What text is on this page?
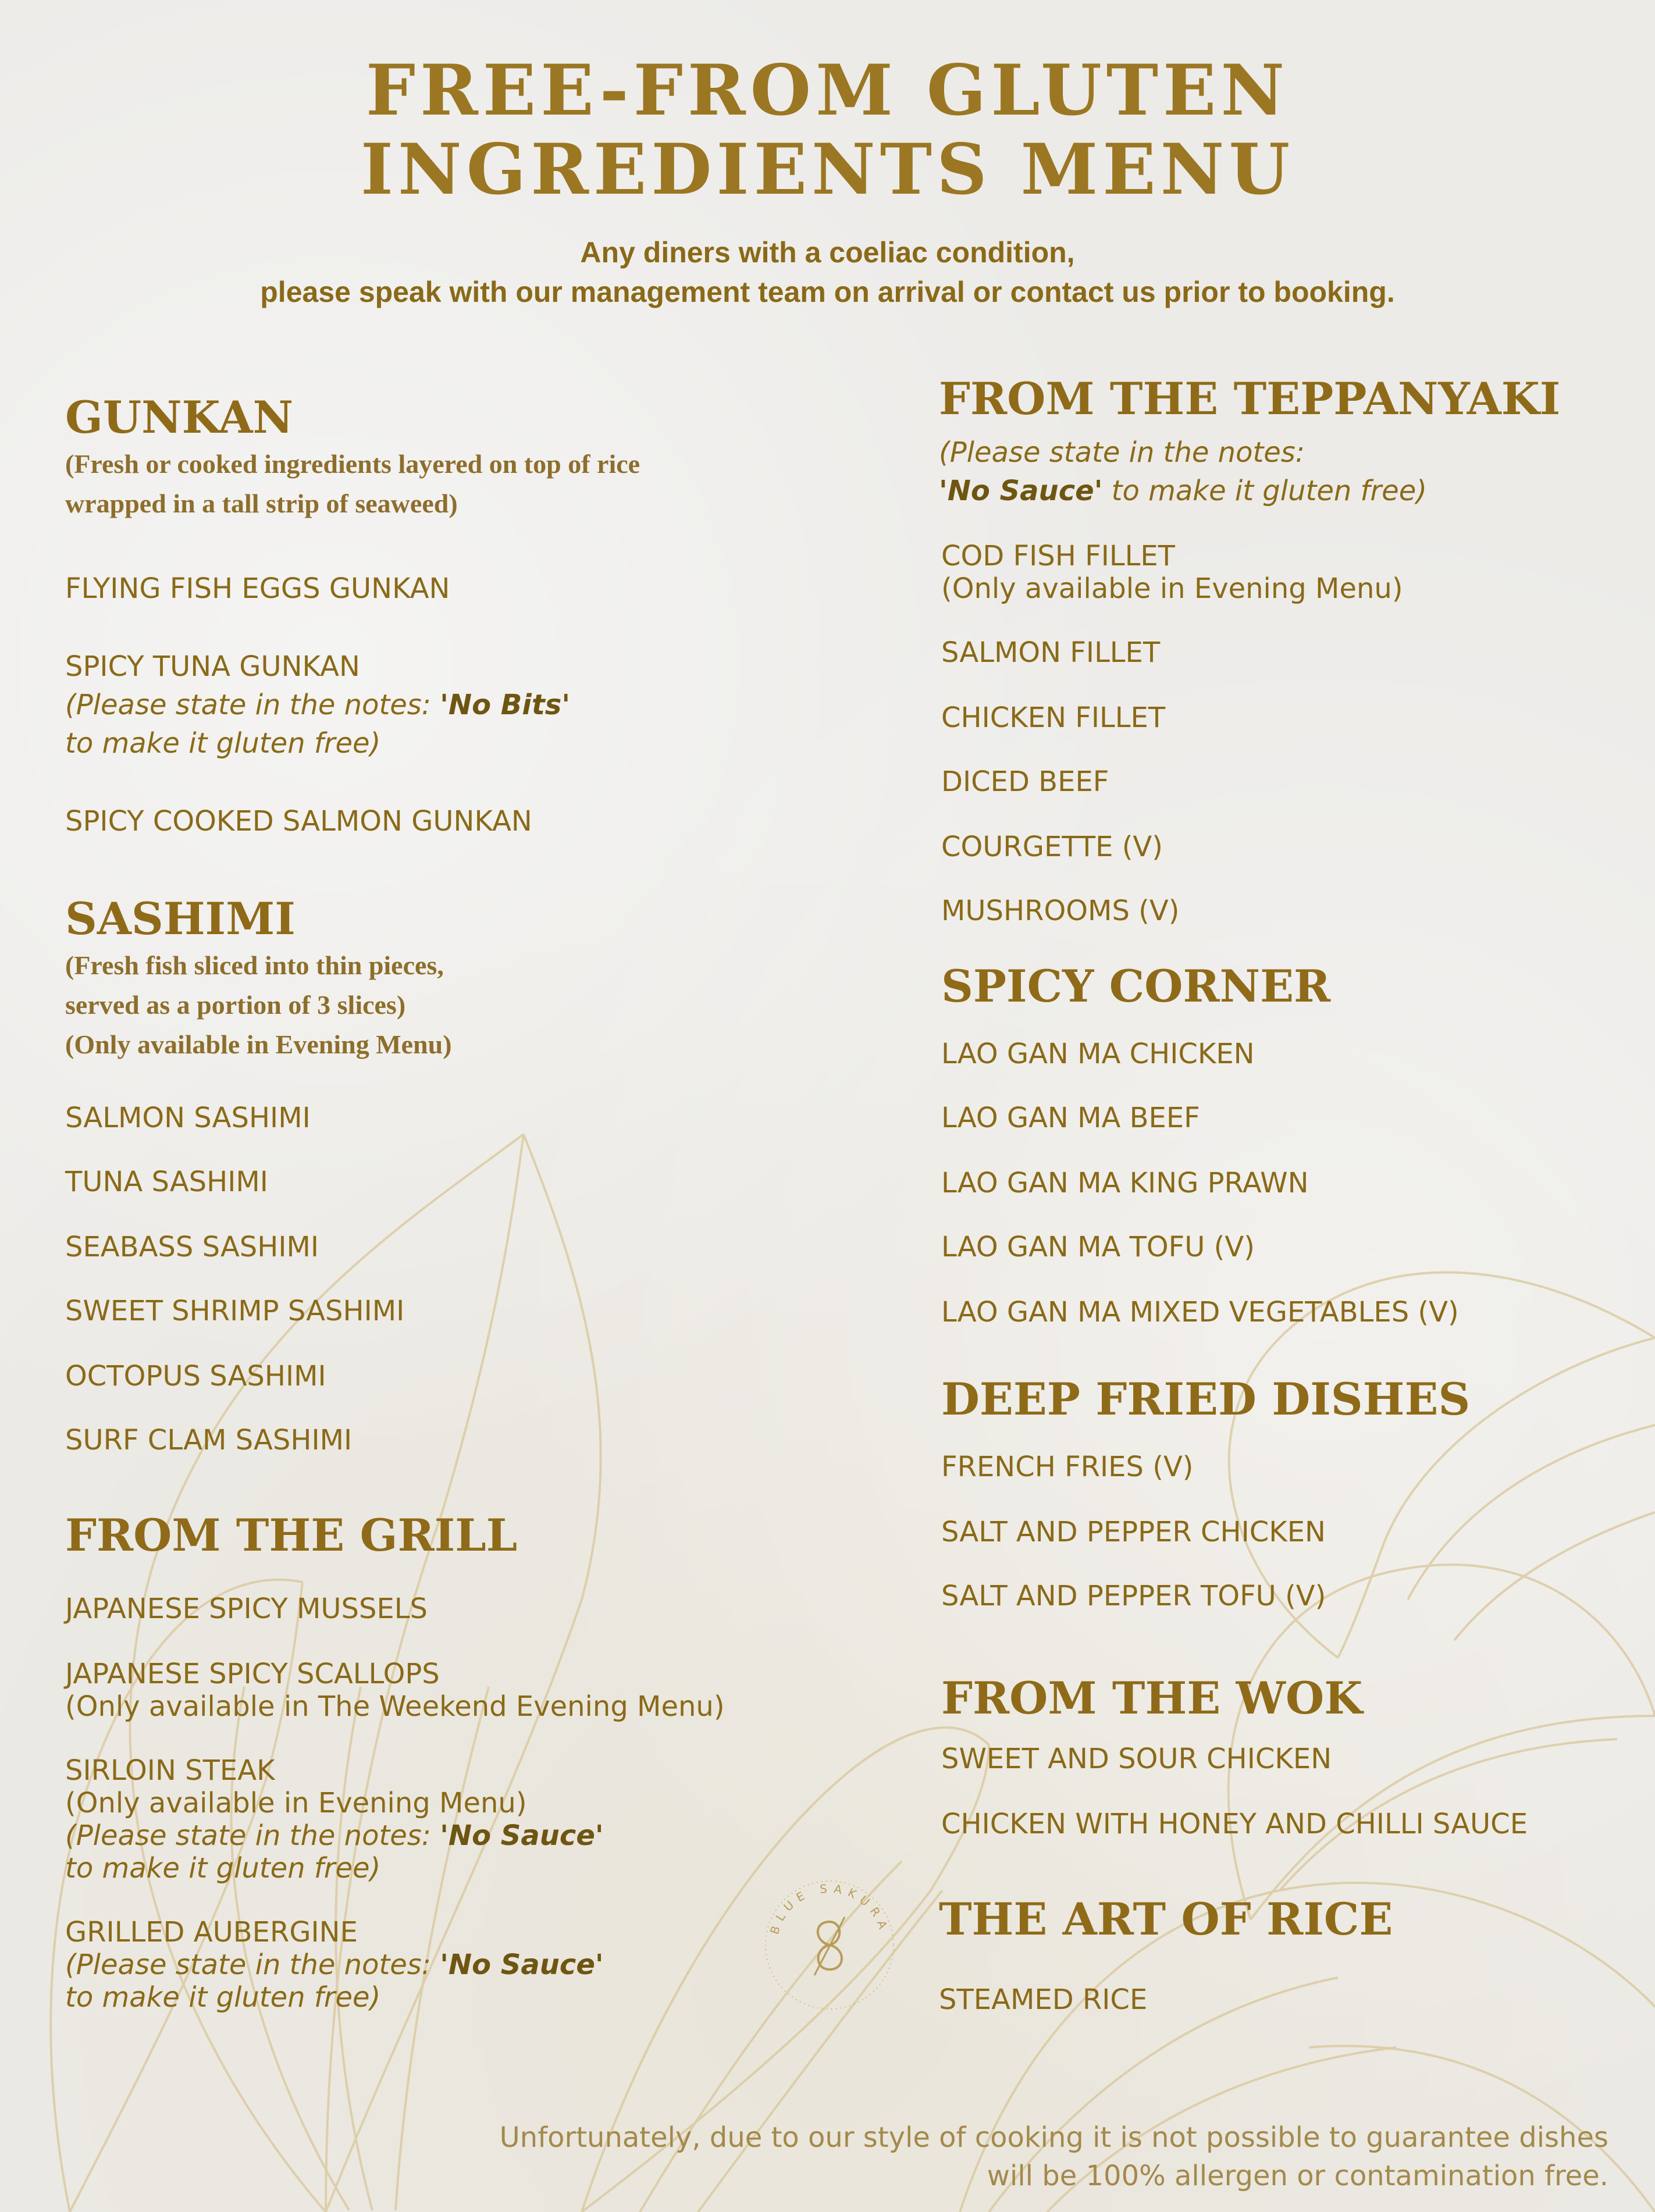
FREE-FROM GLUTEN
INGREDIENTS MENU

Any diners with a coeliac condition,

please speak with our management team on arrival or contact us prior to booking.

GUNKAN

(Fresh or cooked ingredients layered on top of rice

wrapped in a tall strip of seaweed)

FLYING FISH EGGS GUNKAN

SPICY TUNA GUNKAN

(Please state in the notes: 'No Bits'

to make it gluten free)

SPICY COOKED SALMON GUNKAN

SASHIMI

(Fresh fish sliced into thin pieces,

served as a portion of 3 slices)

(Only available in Evening Menu)

SALMON SASHIMI

TUNA SASHIMI

SEABASS SASHIMI

SWEET SHRIMP SASHIMI

OCTOPUS SASHIMI

SURF CLAM SASHIMI

FROM THE GRILL

JAPANESE SPICY MUSSELS

JAPANESE SPICY SCALLOPS

(Only available in The Weekend Evening Menu)

SIRLOIN STEAK

(Only available in Evening Menu)

(Please state in the notes: 'No Sauce'

to make it gluten free)

GRILLED AUBERGINE

(Please state in the notes: 'No Sauce'

to make it gluten free)

FROM THE TEPPANYAKI

(Please state in the notes:

'No Sauce' to make it gluten free)

COD FISH FILLET

(Only available in Evening Menu)

SALMON FILLET

CHICKEN FILLET

DICED BEEF

COURGETTE (V)

MUSHROOMS (V)

SPICY CORNER

LAO GAN MA CHICKEN

LAO GAN MA BEEF

LAO GAN MA KING PRAWN

LAO GAN MA TOFU (V)

LAO GAN MA MIXED VEGETABLES (V)

DEEP FRIED DISHES

FRENCH FRIES (V)

SALT AND PEPPER CHICKEN

SALT AND PEPPER TOFU (V)

FROM THE WOK

SWEET AND SOUR CHICKEN

CHICKEN WITH HONEY AND CHILLI SAUCE

THE ART OF RICE

STEAMED RICE

BLUE SAKURA

Unfortunately, due to our style of cooking it is not possible to guarantee dishes

will be 100% allergen or contamination free.
